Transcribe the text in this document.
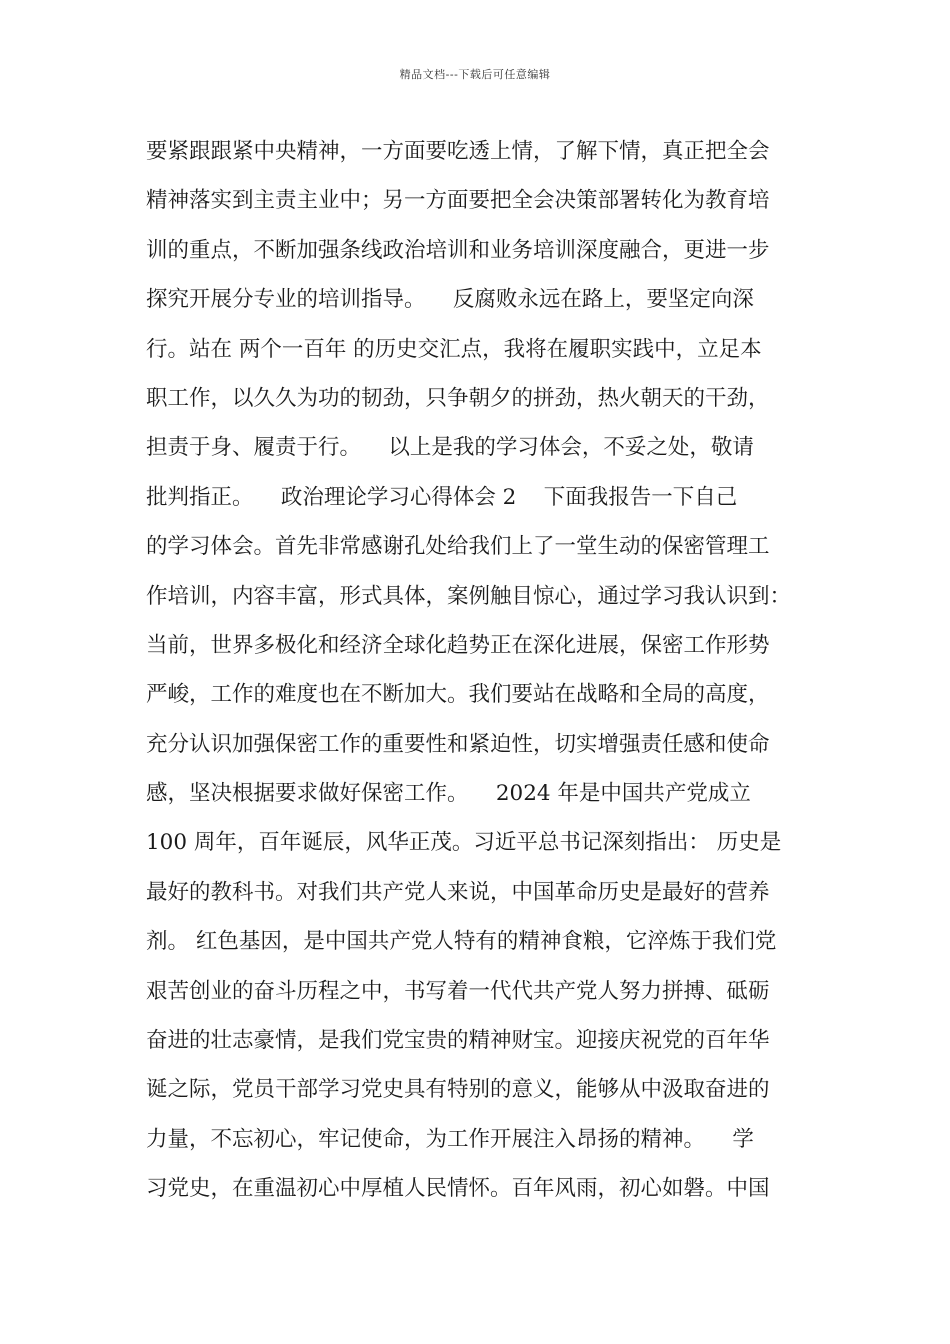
精品文档---下载后可任意编辑
要紧跟跟紧中央精神，一方面要吃透上情，了解下情，真正把全会
精神落实到主责主业中；另一方面要把全会决策部署转化为教育培
训的重点，不断加强条线政治培训和业务培训深度融合，更进一步
探究开展分专业的培训指导。    反腐败永远在路上，要坚定向深
行。站在 两个一百年 的历史交汇点，我将在履职实践中，立足本
职工作，以久久为功的韧劲，只争朝夕的拼劲，热火朝天的干劲，
担责于身、履责于行。    以上是我的学习体会，不妥之处，敬请
批判指正。    政治理论学习心得体会 2    下面我报告一下自己
的学习体会。首先非常感谢孔处给我们上了一堂生动的保密管理工
作培训，内容丰富，形式具体，案例触目惊心，通过学习我认识到：
当前，世界多极化和经济全球化趋势正在深化进展，保密工作形势
严峻，工作的难度也在不断加大。我们要站在战略和全局的高度，
充分认识加强保密工作的重要性和紧迫性，切实增强责任感和使命
感，坚决根据要求做好保密工作。    2024 年是中国共产党成立
100 周年，百年诞辰，风华正茂。习近平总书记深刻指出： 历史是
最好的教科书。对我们共产党人来说，中国革命历史是最好的营养
剂。 红色基因，是中国共产党人特有的精神食粮，它淬炼于我们党
艰苦创业的奋斗历程之中，书写着一代代共产党人努力拼搏、砥砺
奋进的壮志豪情，是我们党宝贵的精神财宝。迎接庆祝党的百年华
诞之际，党员干部学习党史具有特别的意义，能够从中汲取奋进的
力量，不忘初心，牢记使命，为工作开展注入昂扬的精神。    学
习党史，在重温初心中厚植人民情怀。百年风雨，初心如磐。中国
